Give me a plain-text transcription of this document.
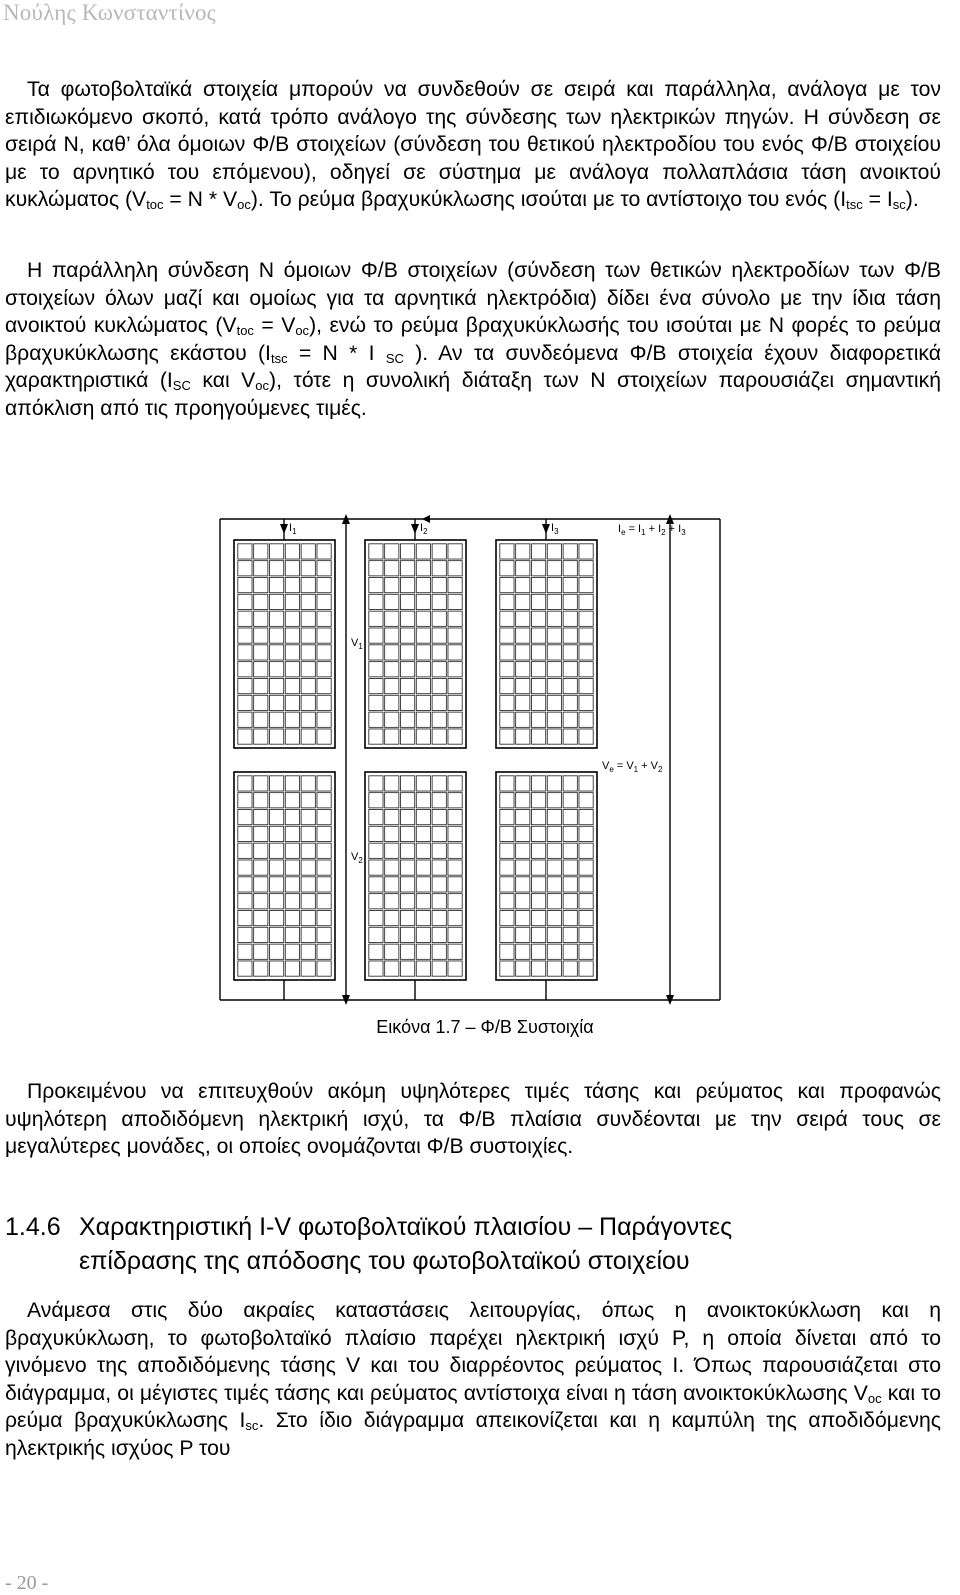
Νούλης Κωνσταντίνος

Τα φωτοβολταϊκά στοιχεία μπορούν να συνδεθούν σε σειρά και παράλληλα, ανάλογα με τον επιδιωκόμενο σκοπό, κατά τρόπο ανάλογο της σύνδεσης των ηλεκτρικών πηγών. Η σύνδεση σε σειρά Ν, καθ’ όλα όμοιων Φ/Β στοιχείων (σύνδεση του θετικού ηλεκτροδίου του ενός Φ/Β στοιχείου με το αρνητικό του επόμενου), οδηγεί σε σύστημα με ανάλογα πολλαπλάσια τάση ανοικτού κυκλώματος $(V_{toc} = N * V_{oc})$. Το ρεύμα βραχυκύκλωσης ισούται με το αντίστοιχο του ενός $(I_{tsc} = I_{sc})$.

Η παράλληλη σύνδεση Ν όμοιων Φ/Β στοιχείων (σύνδεση των θετικών ηλεκτροδίων των Φ/Β στοιχείων όλων μαζί και ομοίως για τα αρνητικά ηλεκτρόδια) δίδει ένα σύνολο με την ίδια τάση ανοικτού κυκλώματος $(V_{toc} = V_{oc})$, ενώ το ρεύμα βραχυκύκλωσής του ισούται με Ν φορές το ρεύμα βραχυκύκλωσης εκάστου ($I_{tsc} = N * I$ $_{SC}$ ). Αν τα συνδεόμενα Φ/Β στοιχεία έχουν διαφορετικά χαρακτηριστικά ($I_{SC}$ και $V_{oc}$), τότε η συνολική διάταξη των Ν στοιχείων παρουσιάζει σημαντική απόκλιση από τις προηγούμενες τιμές.

$I_1$	$I_2$	$I_3$	$I_e = I_1 + I_2 + I_3$
$V_1$
$V_2$
$V_e = V_1 + V_2$
Εικόνα 1.7 – Φ/Β Συστοιχία

Προκειμένου να επιτευχθούν ακόμη υψηλότερες τιμές τάσης και ρεύματος και προφανώς υψηλότερη αποδιδόμενη ηλεκτρική ισχύ, τα Φ/Β πλαίσια συνδέονται με την σειρά τους σε μεγαλύτερες μονάδες, οι οποίες ονομάζονται Φ/Β συστοιχίες.

1.4.6 Χαρακτηριστική I-V φωτοβολταϊκού πλαισίου – Παράγοντες
επίδρασης της απόδοσης του φωτοβολταϊκού στοιχείου

Ανάμεσα στις δύο ακραίες καταστάσεις λειτουργίας, όπως η ανοικτοκύκλωση και η βραχυκύκλωση, το φωτοβολταϊκό πλαίσιο παρέχει ηλεκτρική ισχύ P, η οποία δίνεται από το γινόμενο της αποδιδόμενης τάσης V και του διαρρέοντος ρεύματος I. Όπως παρουσιάζεται στο διάγραμμα, οι μέγιστες τιμές τάσης και ρεύματος αντίστοιχα είναι η τάση ανοικτοκύκλωσης $V_{oc}$ και το ρεύμα βραχυκύκλωσης $I_{sc}$. Στο ίδιο διάγραμμα απεικονίζεται και η καμπύλη της αποδιδόμενης ηλεκτρικής ισχύος P του

- 20 -
